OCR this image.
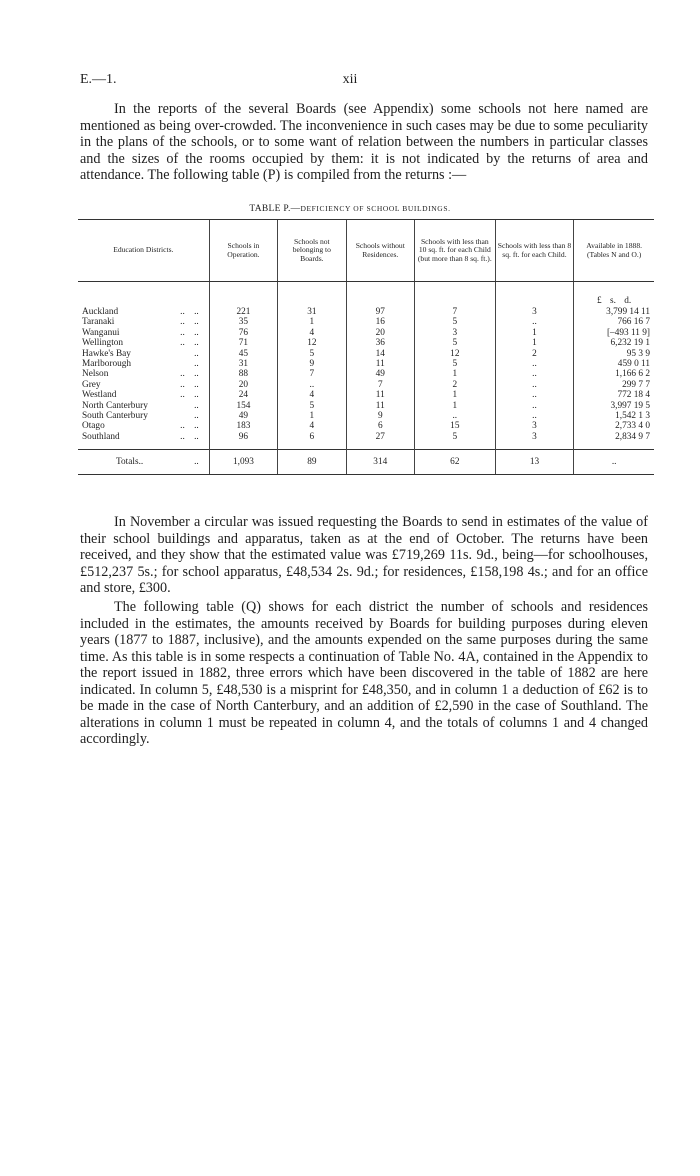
E.—1.	xii

In the reports of the several Boards (see Appendix) some schools not here named are mentioned as being over-crowded. The inconvenience in such cases may be due to some peculiarity in the plans of the schools, or to some want of relation between the numbers in particular classes and the sizes of the rooms occupied by them: it is not indicated by the returns of area and attendance. The following table (P) is compiled from the returns :—

TABLE P.—DEFICIENCY OF SCHOOL BUILDINGS.
Education Districts.	Schools in Operation.	Schools not belonging to Boards.	Schools without Residences.	Schools with less than 10 sq. ft. for each Child (but more than 8 sq. ft.).	Schools with less than 8 sq. ft. for each Child.	Available in 1888. (Tables N and O.)

						£ s. d.

Auckland ..    ..	221	31	97	7	3	3,799 14 11

Taranaki ..    ..	35	1	16	5	..	766 16 7

Wanganui ..    ..	76	4	20	3	1	[–493 11 9]

Wellington ..    ..	71	12	36	5	1	6,232 19 1

Hawke's Bay ..	45	5	14	12	2	95 3 9

Marlborough ..	31	9	11	5	..	459 0 11

Nelson ..    ..	88	7	49	1	..	1,166 6 2

Grey ..    ..	20	..	7	2	..	299 7 7

Westland ..    ..	24	4	11	1	..	772 18 4

North Canterbury ..	154	5	11	1	..	3,997 19 5

South Canterbury ..	49	1	9	..	..	1,542 1 3

Otago ..    ..	183	4	6	15	3	2,733 4 0

Southland ..    ..	96	6	27	5	3	2,834 9 7

Totals.. ..	1,093	89	314	62	13	..

In November a circular was issued requesting the Boards to send in estimates of the value of their school buildings and apparatus, taken as at the end of October. The returns have been received, and they show that the estimated value was £719,269 11s. 9d., being—for schoolhouses, £512,237 5s.; for school apparatus, £48,534 2s. 9d.; for residences, £158,198 4s.; and for an office and store, £300.

The following table (Q) shows for each district the number of schools and residences included in the estimates, the amounts received by Boards for building purposes during eleven years (1877 to 1887, inclusive), and the amounts expended on the same purposes during the same time. As this table is in some respects a continuation of Table No. 4A, contained in the Appendix to the report issued in 1882, three errors which have been discovered in the table of 1882 are here indicated. In column 5, £48,530 is a misprint for £48,350, and in column 1 a deduction of £62 is to be made in the case of North Canterbury, and an addition of £2,590 in the case of Southland. The alterations in column 1 must be repeated in column 4, and the totals of columns 1 and 4 changed accordingly.
